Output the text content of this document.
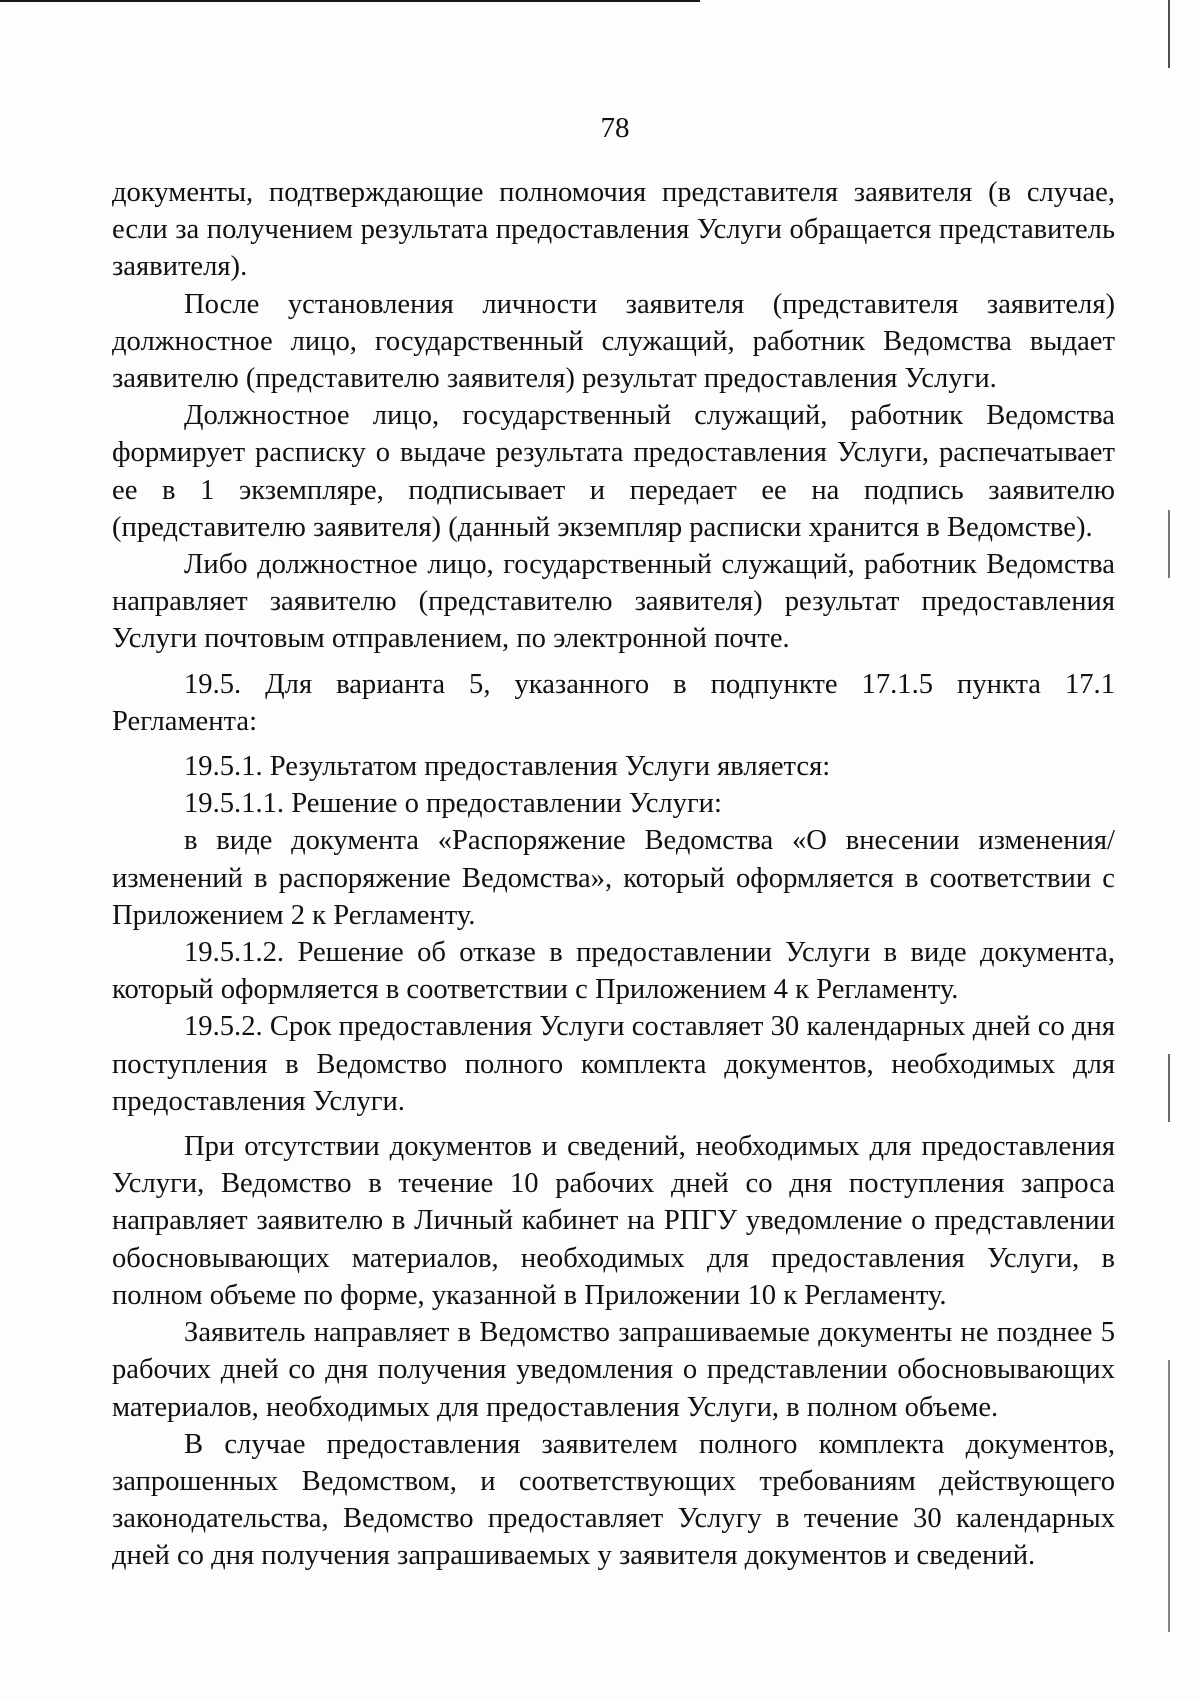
78

документы, подтверждающие полномочия представителя заявителя (в случае, если за получением результата предоставления Услуги обращается представитель заявителя).

После установления личности заявителя (представителя заявителя) должностное лицо, государственный служащий, работник Ведомства выдает заявителю (представителю заявителя) результат предоставления Услуги.

Должностное лицо, государственный служащий, работник Ведомства формирует расписку о выдаче результата предоставления Услуги, распечатывает ее в 1 экземпляре, подписывает и передает ее на подпись заявителю (представителю заявителя) (данный экземпляр расписки хранится в Ведомстве).

Либо должностное лицо, государственный служащий, работник Ведомства направляет заявителю (представителю заявителя) результат предоставления Услуги почтовым отправлением, по электронной почте.

19.5. Для варианта 5, указанного в подпункте 17.1.5 пункта 17.1 Регламента:

19.5.1. Результатом предоставления Услуги является:

19.5.1.1. Решение о предоставлении Услуги:

в виде документа «Распоряжение Ведомства «О внесении изменения/изменений в распоряжение Ведомства», который оформляется в соответствии с Приложением 2 к Регламенту.

19.5.1.2. Решение об отказе в предоставлении Услуги в виде документа, который оформляется в соответствии с Приложением 4 к Регламенту.

19.5.2. Срок предоставления Услуги составляет 30 календарных дней со дня поступления в Ведомство полного комплекта документов, необходимых для предоставления Услуги.

При отсутствии документов и сведений, необходимых для предоставления Услуги, Ведомство в течение 10 рабочих дней со дня поступления запроса направляет заявителю в Личный кабинет на РПГУ уведомление о представлении обосновывающих материалов, необходимых для предоставления Услуги, в полном объеме по форме, указанной в Приложении 10 к Регламенту.

Заявитель направляет в Ведомство запрашиваемые документы не позднее 5 рабочих дней со дня получения уведомления о представлении обосновывающих материалов, необходимых для предоставления Услуги, в полном объеме.

В случае предоставления заявителем полного комплекта документов, запрошенных Ведомством, и соответствующих требованиям действующего законодательства, Ведомство предоставляет Услугу в течение 30 календарных дней со дня получения запрашиваемых у заявителя документов и сведений.
